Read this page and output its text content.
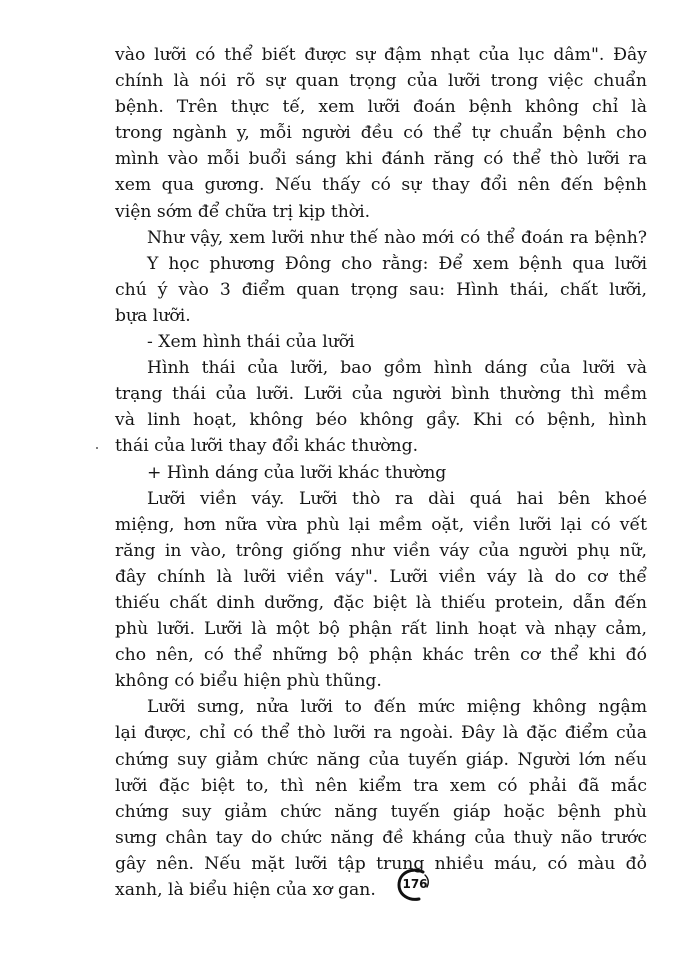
vào lưỡi có thể biết được sự đậm nhạt của lục dâm". Đây
chính là nói rõ sự quan trọng của lưỡi trong việc chuẩn
bệnh. Trên thực tế, xem lưỡi đoán bệnh không chỉ là
trong ngành y, mỗi người đều có thể tự chuẩn bệnh cho
mình vào mỗi buổi sáng khi đánh răng có thể thò lưỡi ra
xem qua gương. Nếu thấy có sự thay đổi nên đến bệnh
viện sớm để chữa trị kịp thời.
Như vậy, xem lưỡi như thế nào mới có thể đoán ra bệnh?
Y học phương Đông cho rằng: Để xem bệnh qua lưỡi
chú ý vào 3 điểm quan trọng sau: Hình thái, chất lưỡi,
bựa lưỡi.
- Xem hình thái của lưỡi
Hình thái của lưỡi, bao gồm hình dáng của lưỡi và
trạng thái của lưỡi. Lưỡi của người bình thường thì mềm
và linh hoạt, không béo không gầy. Khi có bệnh, hình
thái của lưỡi thay đổi khác thường.
+ Hình dáng của lưỡi khác thường
Lưỡi viền váy. Lưỡi thò ra dài quá hai bên khoé
miệng, hơn nữa vừa phù lại mềm oặt, viền lưỡi lại có vết
răng in vào, trông giống như viền váy của người phụ nữ,
đây chính là lưỡi viền váy". Lưỡi viền váy là do cơ thể
thiếu chất dinh dưỡng, đặc biệt là thiếu protein, dẫn đến
phù lưỡi. Lưỡi là một bộ phận rất linh hoạt và nhạy cảm,
cho nên, có thể những bộ phận khác trên cơ thể khi đó
không có biểu hiện phù thũng.
Lưỡi sưng, nửa lưỡi to đến mức miệng không ngậm
lại được, chỉ có thể thò lưỡi ra ngoài. Đây là đặc điểm của
chứng suy giảm chức năng của tuyến giáp. Người lớn nếu
lưỡi đặc biệt to, thì nên kiểm tra xem có phải đã mắc
chứng suy giảm chức năng tuyến giáp hoặc bệnh phù
sưng chân tay do chức năng đề kháng của thuỳ não trước
gây nên. Nếu mặt lưỡi tập trung nhiều máu, có màu đỏ
xanh, là biểu hiện của xơ gan.	176
